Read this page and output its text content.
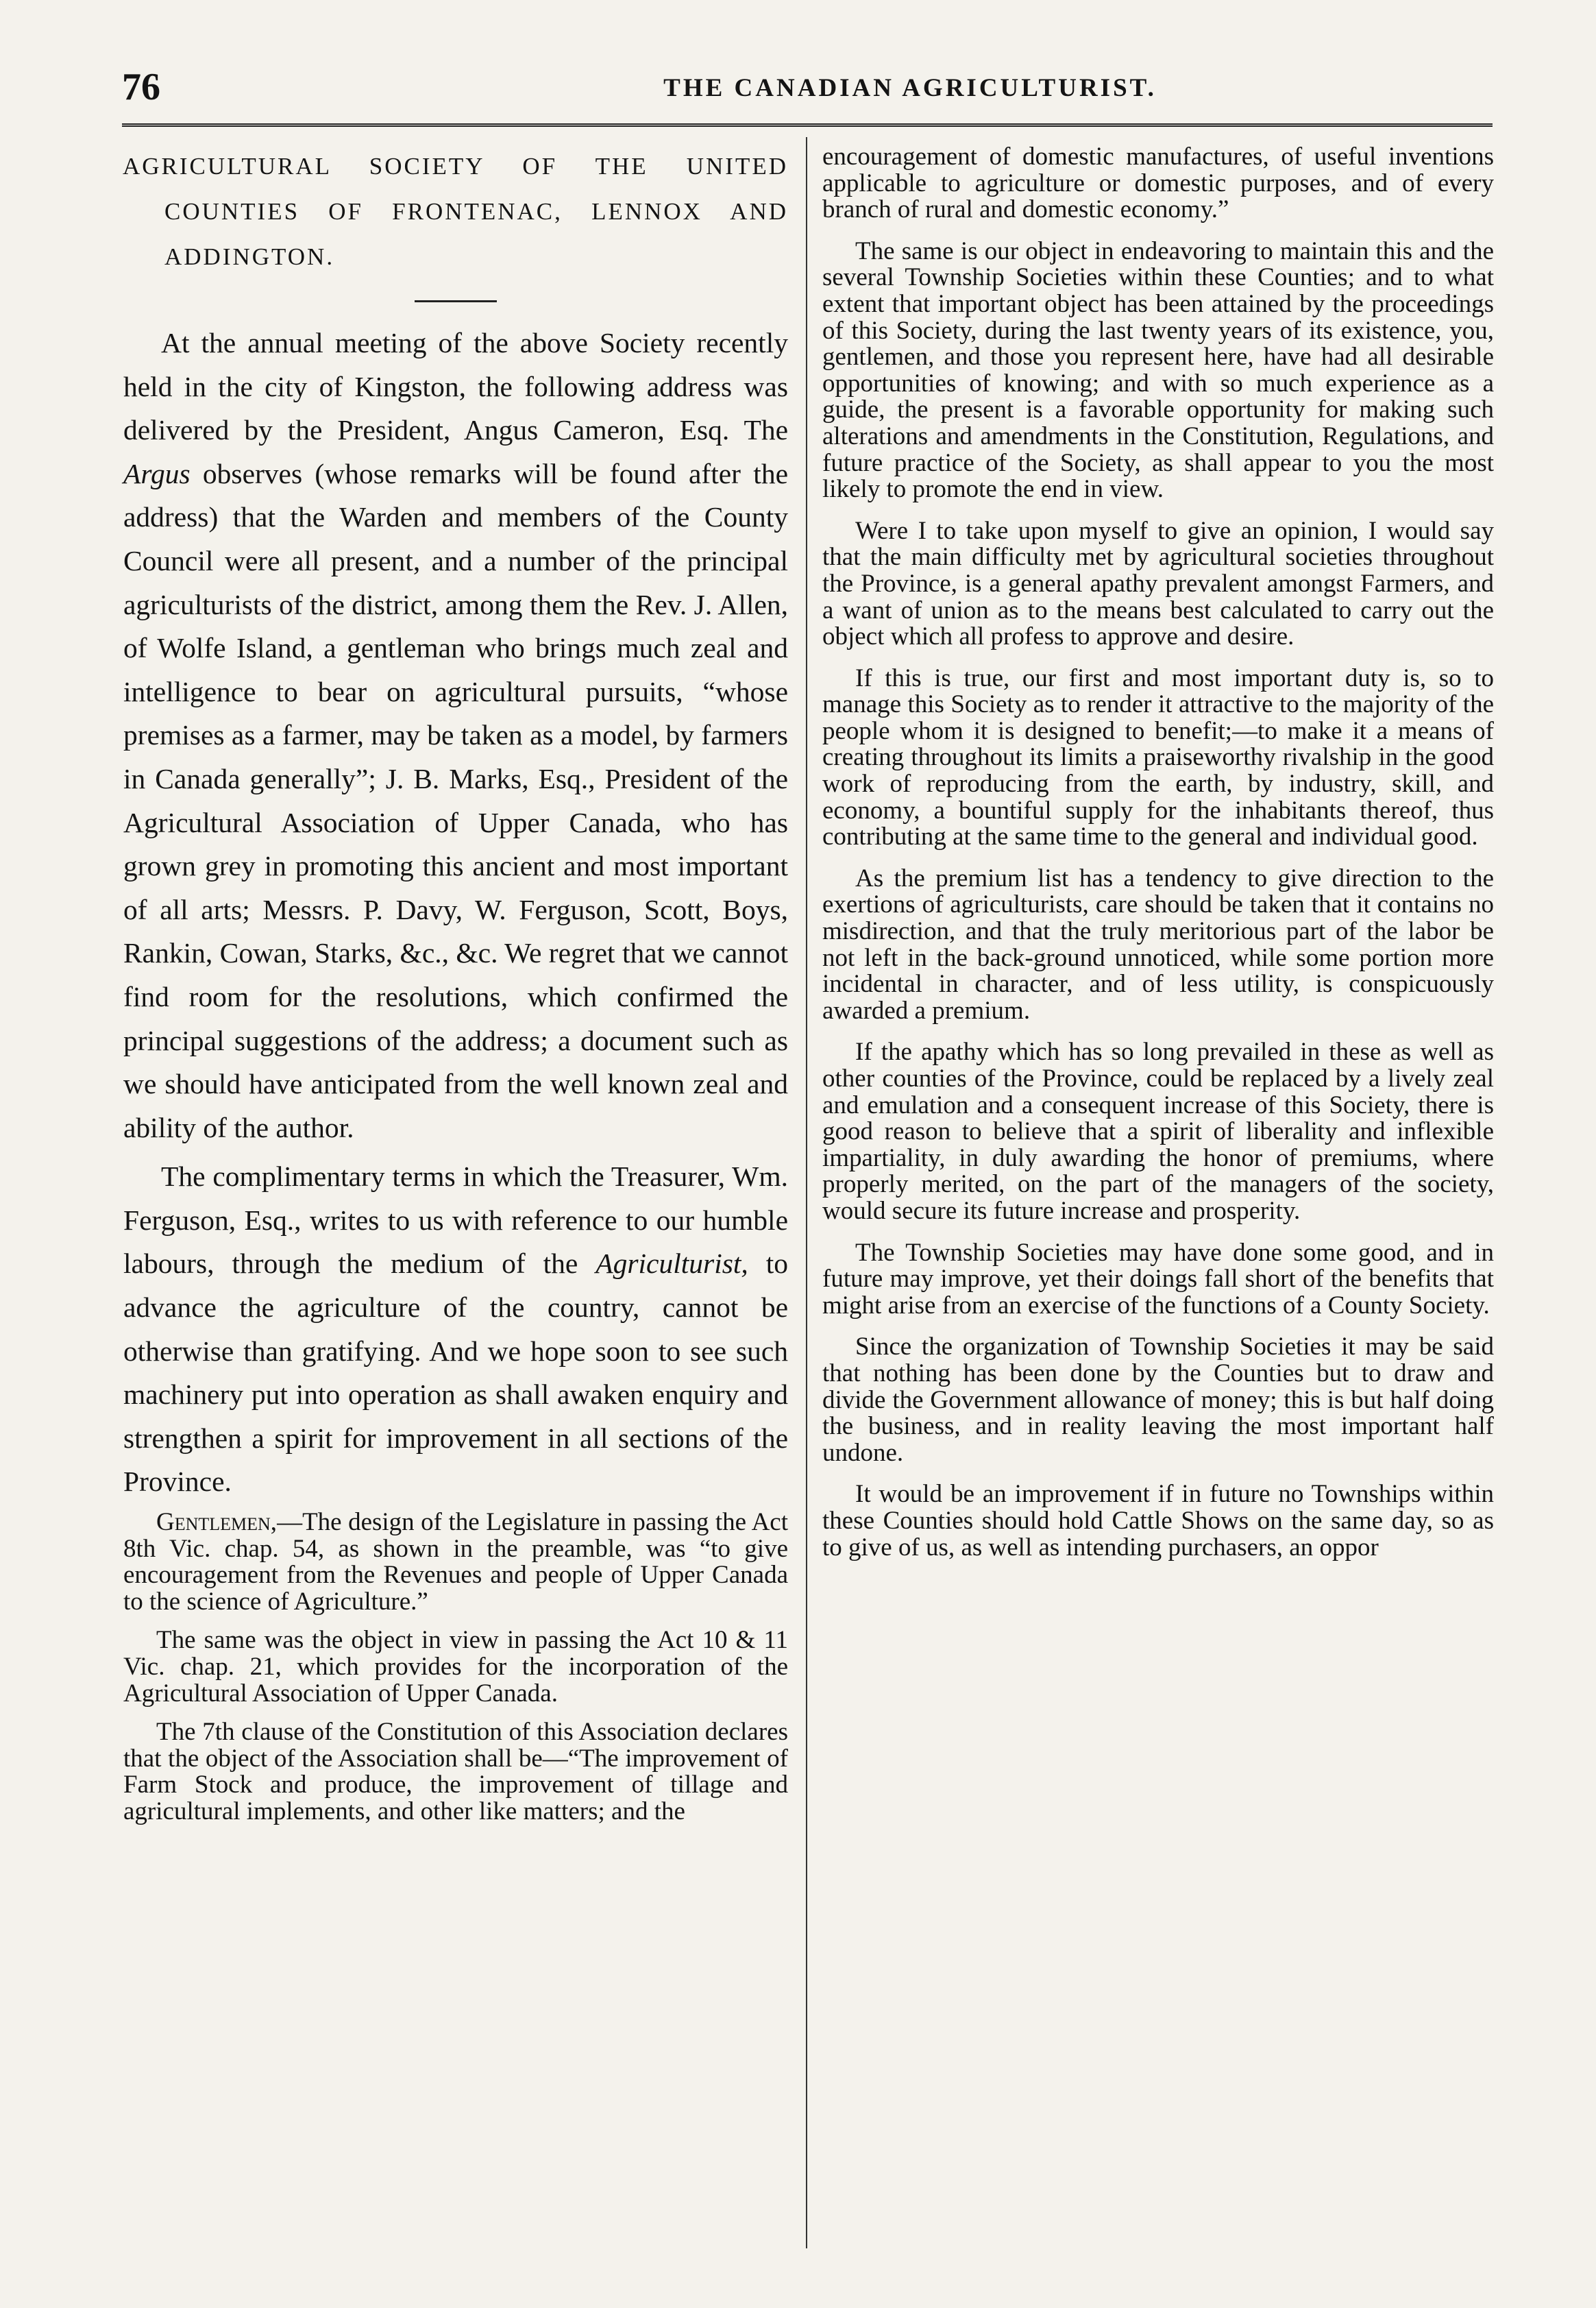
76	THE CANADIAN AGRICULTURIST.

AGRICULTURAL SOCIETY OF THE UNITED COUNTIES OF FRONTENAC, LENNOX AND ADDINGTON.

At the annual meeting of the above Society recently held in the city of Kingston, the following address was delivered by the President, Angus Cameron, Esq. The Argus observes (whose remarks will be found after the address) that the Warden and members of the County Council were all present, and a number of the principal agriculturists of the district, among them the Rev. J. Allen, of Wolfe Island, a gentleman who brings much zeal and intelligence to bear on agricultural pursuits, “whose premises as a farmer, may be taken as a model, by farmers in Canada generally”; J. B. Marks, Esq., President of the Agricultural Association of Upper Canada, who has grown grey in promoting this ancient and most important of all arts; Messrs. P. Davy, W. Ferguson, Scott, Boys, Rankin, Cowan, Starks, &c., &c. We regret that we cannot find room for the resolutions, which confirmed the principal suggestions of the address; a document such as we should have anticipated from the well known zeal and ability of the author.

The complimentary terms in which the Treasurer, Wm. Ferguson, Esq., writes to us with reference to our humble labours, through the medium of the Agriculturist, to advance the agriculture of the country, cannot be otherwise than gratifying. And we hope soon to see such machinery put into operation as shall awaken enquiry and strengthen a spirit for improvement in all sections of the Province.

Gentlemen,—The design of the Legislature in passing the Act 8th Vic. chap. 54, as shown in the preamble, was “to give encouragement from the Revenues and people of Upper Canada to the science of Agriculture.”

The same was the object in view in passing the Act 10 & 11 Vic. chap. 21, which provides for the incorporation of the Agricultural Association of Upper Canada.

The 7th clause of the Constitution of this Association declares that the object of the Association shall be—“The improvement of Farm Stock and produce, the improvement of tillage and agricultural implements, and other like matters; and the

encouragement of domestic manufactures, of useful inventions applicable to agriculture or domestic purposes, and of every branch of rural and domestic economy.”

The same is our object in endeavoring to maintain this and the several Township Societies within these Counties; and to what extent that important object has been attained by the proceedings of this Society, during the last twenty years of its existence, you, gentlemen, and those you represent here, have had all desirable opportunities of knowing; and with so much experience as a guide, the present is a favorable opportunity for making such alterations and amendments in the Constitution, Regulations, and future practice of the Society, as shall appear to you the most likely to promote the end in view.

Were I to take upon myself to give an opinion, I would say that the main difficulty met by agricultural societies throughout the Province, is a general apathy prevalent amongst Farmers, and a want of union as to the means best calculated to carry out the object which all profess to approve and desire.

If this is true, our first and most important duty is, so to manage this Society as to render it attractive to the majority of the people whom it is designed to benefit;—to make it a means of creating throughout its limits a praiseworthy rivalship in the good work of reproducing from the earth, by industry, skill, and economy, a bountiful supply for the inhabitants thereof, thus contributing at the same time to the general and individual good.

As the premium list has a tendency to give direction to the exertions of agriculturists, care should be taken that it contains no misdirection, and that the truly meritorious part of the labor be not left in the back-ground unnoticed, while some portion more incidental in character, and of less utility, is conspicuously awarded a premium.

If the apathy which has so long prevailed in these as well as other counties of the Province, could be replaced by a lively zeal and emulation and a consequent increase of this Society, there is good reason to believe that a spirit of liberality and inflexible impartiality, in duly awarding the honor of premiums, where properly merited, on the part of the managers of the society, would secure its future increase and prosperity.

The Township Societies may have done some good, and in future may improve, yet their doings fall short of the benefits that might arise from an exercise of the functions of a County Society.

Since the organization of Township Societies it may be said that nothing has been done by the Counties but to draw and divide the Government allowance of money; this is but half doing the business, and in reality leaving the most important half undone.

It would be an improvement if in future no Townships within these Counties should hold Cattle Shows on the same day, so as to give of us, as well as intending purchasers, an oppor
